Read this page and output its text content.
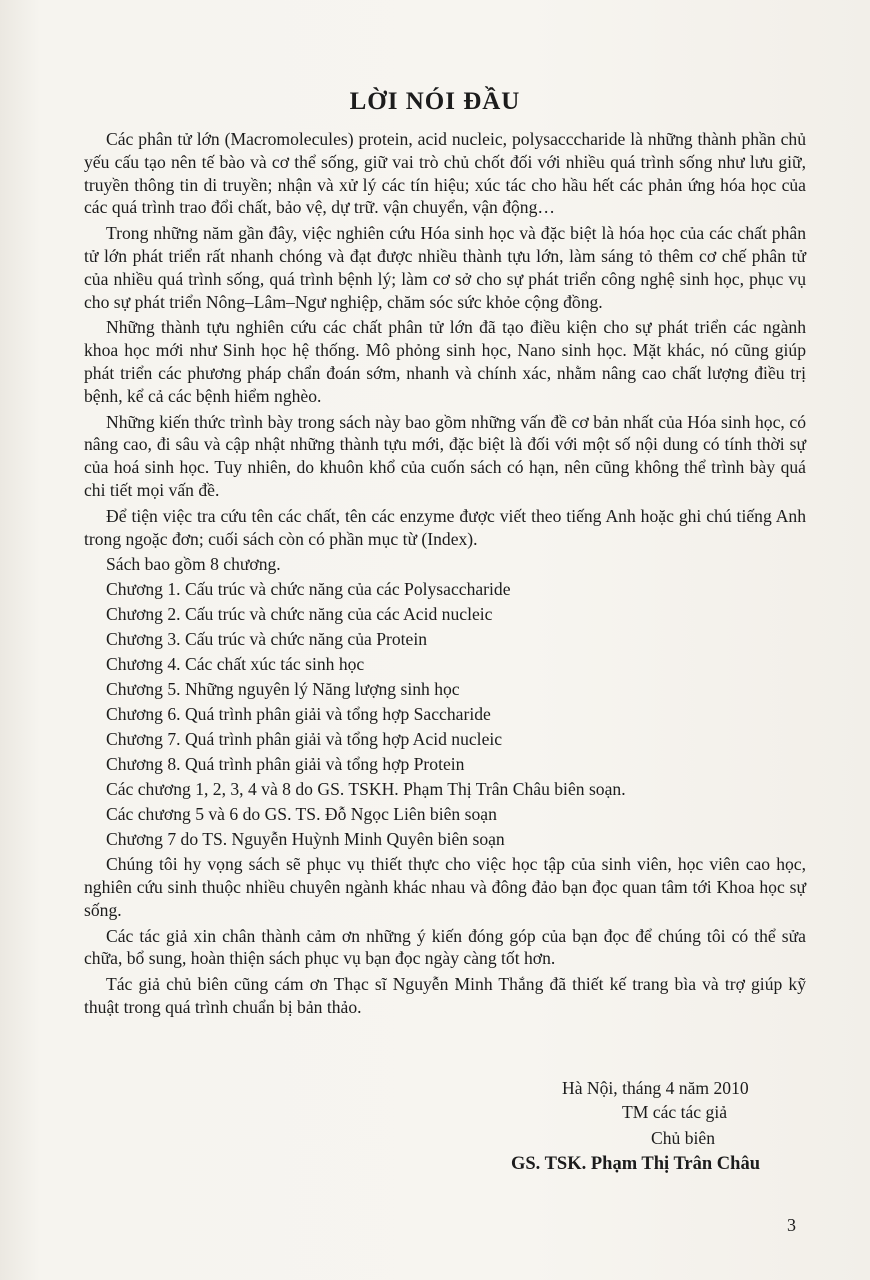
LỜI NÓI ĐẦU

Các phân tử lớn (Macromolecules) protein, acid nucleic, polysacccharide là những thành phần chủ yếu cấu tạo nên tế bào và cơ thể sống, giữ vai trò chủ chốt đối với nhiều quá trình sống như lưu giữ, truyền thông tin di truyền; nhận và xử lý các tín hiệu; xúc tác cho hầu hết các phản ứng hóa học của các quá trình trao đổi chất, bảo vệ, dự trữ. vận chuyển, vận động…

Trong những năm gần đây, việc nghiên cứu Hóa sinh học và đặc biệt là hóa học của các chất phân tử lớn phát triển rất nhanh chóng và đạt được nhiều thành tựu lớn, làm sáng tỏ thêm cơ chế phân tử của nhiều quá trình sống, quá trình bệnh lý; làm cơ sở cho sự phát triển công nghệ sinh học, phục vụ cho sự phát triển Nông–Lâm–Ngư nghiệp, chăm sóc sức khỏe cộng đồng.

Những thành tựu nghiên cứu các chất phân tử lớn đã tạo điều kiện cho sự phát triển các ngành khoa học mới như Sinh học hệ thống. Mô phỏng sinh học, Nano sinh học. Mặt khác, nó cũng giúp phát triển các phương pháp chẩn đoán sớm, nhanh và chính xác, nhằm nâng cao chất lượng điều trị bệnh, kể cả các bệnh hiểm nghèo.

Những kiến thức trình bày trong sách này bao gồm những vấn đề cơ bản nhất của Hóa sinh học, có nâng cao, đi sâu và cập nhật những thành tựu mới, đặc biệt là đối với một số nội dung có tính thời sự của hoá sinh học. Tuy nhiên, do khuôn khổ của cuốn sách có hạn, nên cũng không thể trình bày quá chi tiết mọi vấn đề.

Để tiện việc tra cứu tên các chất, tên các enzyme được viết theo tiếng Anh hoặc ghi chú tiếng Anh trong ngoặc đơn; cuối sách còn có phần mục từ (Index).

Sách bao gồm 8 chương.
Chương 1. Cấu trúc và chức năng của các Polysaccharide
Chương 2. Cấu trúc và chức năng của các Acid nucleic
Chương 3. Cấu trúc và chức năng của Protein
Chương 4. Các chất xúc tác sinh học
Chương 5. Những nguyên lý Năng lượng sinh học
Chương 6. Quá trình phân giải và tổng hợp Saccharide
Chương 7. Quá trình phân giải và tổng hợp Acid nucleic
Chương 8. Quá trình phân giải và tổng hợp Protein
Các chương 1, 2, 3, 4 và 8 do GS. TSKH. Phạm Thị Trân Châu biên soạn.
Các chương 5 và 6 do GS. TS. Đỗ Ngọc Liên biên soạn
Chương 7 do TS. Nguyễn Huỳnh Minh Quyên biên soạn

Chúng tôi hy vọng sách sẽ phục vụ thiết thực cho việc học tập của sinh viên, học viên cao học, nghiên cứu sinh thuộc nhiều chuyên ngành khác nhau và đông đảo bạn đọc quan tâm tới Khoa học sự sống.

Các tác giả xin chân thành cảm ơn những ý kiến đóng góp của bạn đọc để chúng tôi có thể sửa chữa, bổ sung, hoàn thiện sách phục vụ bạn đọc ngày càng tốt hơn.

Tác giả chủ biên cũng cám ơn Thạc sĩ Nguyễn Minh Thắng đã thiết kế trang bìa và trợ giúp kỹ thuật trong quá trình chuẩn bị bản thảo.

Hà Nội, tháng 4 năm 2010
TM các tác giả
Chủ biên
GS. TSK. Phạm Thị Trân Châu
3
